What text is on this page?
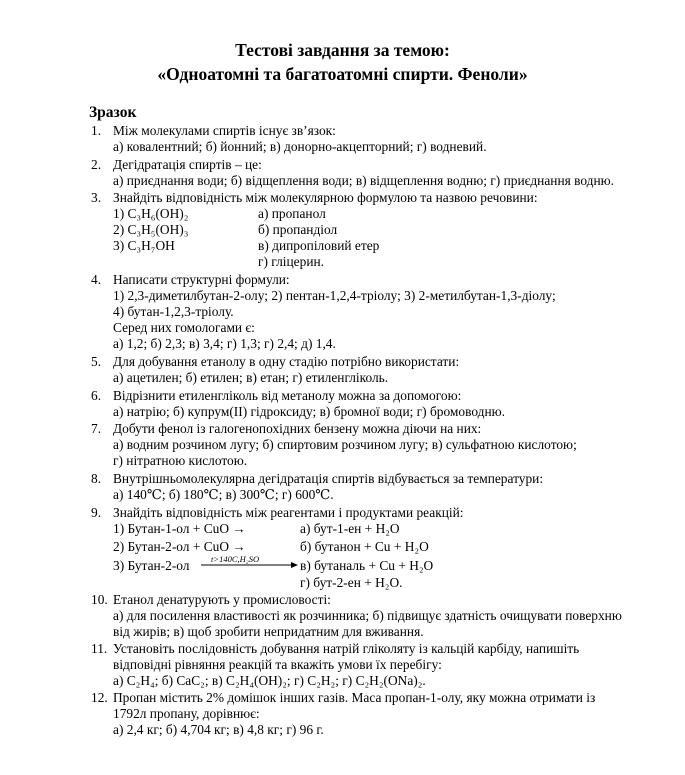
Тестові завдання за темою:
«Одноатомні та багатоатомні спирти. Феноли»
Зразок
1. Між молекулами спиртів існує зв’язок:
а) ковалентний; б) йонний; в) донорно-акцепторний; г) водневий.
2. Дегідратація спиртів – це:
а) приєднання води; б) відщеплення води; в) відщеплення водню; г) приєднання водню.
3. Знайдіть відповідність між молекулярною формулою та назвою речовини:
1) C₃H₆(OH)₂
2) C₃H₅(OH)₃
3) C₃H₇OH
а) пропанол
б) пропандіол
в) дипропіловий етер
г) гліцерин.
4. Написати структурні формули:
1) 2,3-диметилбутан-2-олу; 2) пентан-1,2,4-тріолу; 3) 2-метилбутан-1,3-діолу;
4) бутан-1,2,3-тріолу.
Серед них гомологами є:
а) 1,2; б) 2,3; в) 3,4; г) 1,3; г) 2,4; д) 1,4.
5. Для добування етанолу в одну стадію потрібно використати:
а) ацетилен; б) етилен; в) етан; г) етиленгліколь.
6. Відрізнити етиленгліколь від метанолу можна за допомогою:
а) натрію; б) купрум(ІІ) гідроксиду; в) бромної води; г) бромоводню.
7. Добути фенол із галогенопохідних бензену можна діючи на них:
а) водним розчином лугу; б) спиртовим розчином лугу; в) сульфатною кислотою;
г) нітратною кислотою.
8. Внутрішньомолекулярна дегідратація спиртів відбувається за температури:
а) 140℃; б) 180℃; в) 300℃; г) 600℃.
9. Знайдіть відповідність між реагентами і продуктами реакцій:
1) Бутан-1-ол + CuO →
2) Бутан-2-ол + CuO →
3) Бутан-2-ол	t>140C,H₂SO
а) бут-1-ен + H₂O
б) бутанон + Cu + H₂O
в) бутаналь + Cu + H₂O
г) бут-2-ен + H₂O.
10. Етанол денатурують у промисловості:
а) для посилення властивості як розчинника; б) підвищує здатність очищувати поверхню
від жирів; в) щоб зробити непридатним для вживання.
11. Установіть послідовність добування натрій гліколяту із кальцій карбіду, напишіть
відповідні рівняння реакцій та вкажіть умови їх перебігу:
а) C₂H₄; б) CaC₂; в) C₂H₄(OH)₂; г) C₂H₂; г) C₂H₂(ONa)₂.
12. Пропан містить 2% домішок інших газів. Маса пропан-1-олу, яку можна отримати із
1792л пропану, дорівнює:
а) 2,4 кг; б) 4,704 кг; в) 4,8 кг; г) 96 г.
